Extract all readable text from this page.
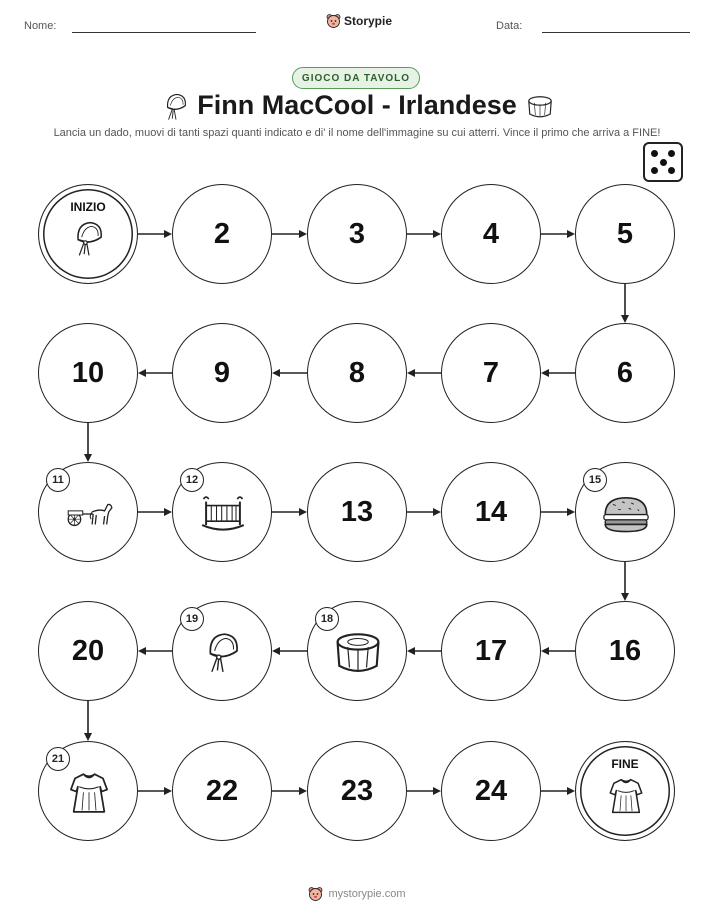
Nome:	Storypie	Data:
GIOCO DA TAVOLO
Finn MacCool - Irlandese
Lancia un dado, muovi di tanti spazi quanti indicato e di' il nome dell'immagine su cui atterri. Vince il primo che arriva a FINE!
INIZIO
2	3	4	5
6
7
8
9
10
11	12
13	14
15
16
17
18
19
20
21
22	23	24
FINE
mystorypie.com
